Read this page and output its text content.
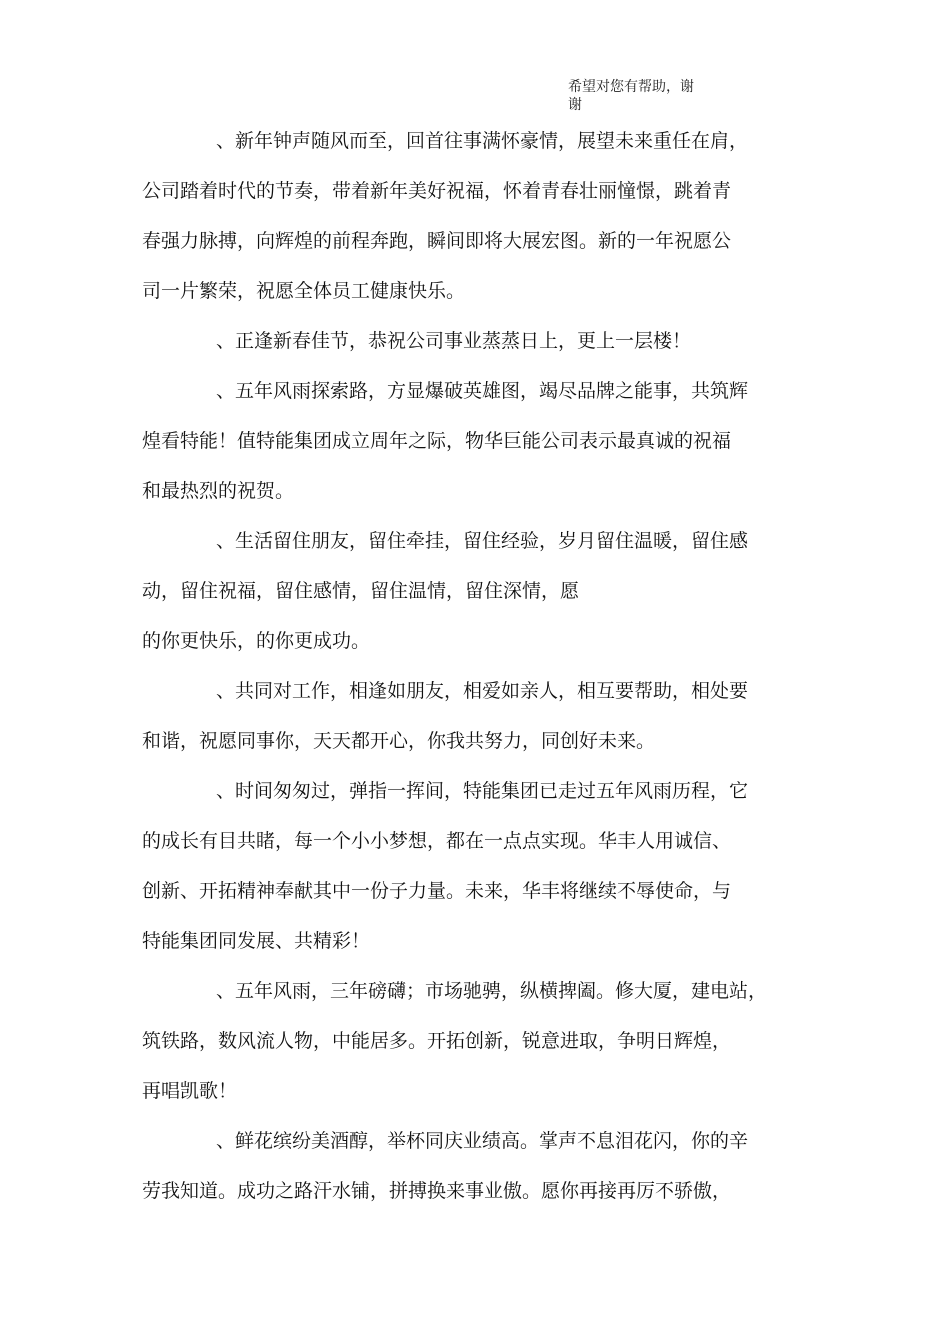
希望对您有帮助，谢
谢
、新年钟声随风而至，回首往事满怀豪情，展望未来重任在肩，
公司踏着时代的节奏，带着新年美好祝福，怀着青春壮丽憧憬，跳着青
春强力脉搏，向辉煌的前程奔跑，瞬间即将大展宏图。新的一年祝愿公
司一片繁荣，祝愿全体员工健康快乐。
、正逢新春佳节，恭祝公司事业蒸蒸日上，更上一层楼！
、五年风雨探索路，方显爆破英雄图，竭尽品牌之能事，共筑辉
煌看特能！值特能集团成立周年之际，物华巨能公司表示最真诚的祝福
和最热烈的祝贺。
、生活留住朋友，留住牵挂，留住经验，岁月留住温暖，留住感
动，留住祝福，留住感情，留住温情，留住深情，愿
的你更快乐，的你更成功。
、共同对工作，相逢如朋友，相爱如亲人，相互要帮助，相处要
和谐，祝愿同事你，天天都开心，你我共努力，同创好未来。
、时间匆匆过，弹指一挥间，特能集团已走过五年风雨历程，它
的成长有目共睹，每一个小小梦想，都在一点点实现。华丰人用诚信、
创新、开拓精神奉献其中一份子力量。未来，华丰将继续不辱使命，与
特能集团同发展、共精彩！
、五年风雨，三年磅礴；市场驰骋，纵横捭阖。修大厦，建电站，
筑铁路，数风流人物，中能居多。开拓创新，锐意进取，争明日辉煌，
再唱凯歌！
、鲜花缤纷美酒醇，举杯同庆业绩高。掌声不息泪花闪，你的辛
劳我知道。成功之路汗水铺，拼搏换来事业傲。愿你再接再厉不骄傲，
